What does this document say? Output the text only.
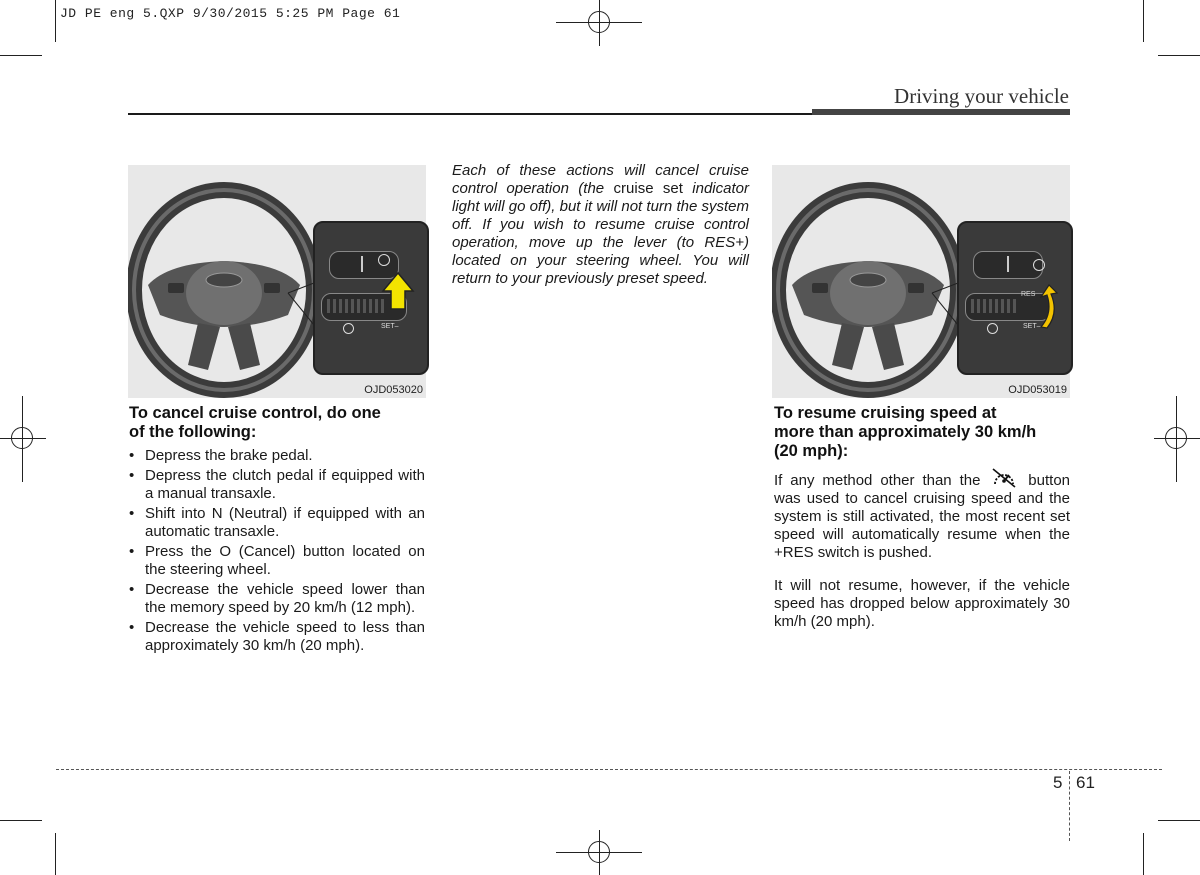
JD PE eng 5.QXP 9/30/2015 5:25 PM Page 61
Driving your vehicle
SET–
OJD053020
RES
SET–
OJD053019
To cancel cruise control, do one
of the following:
• Depress the brake pedal.
• Depress the clutch pedal if equipped with a manual transaxle.
• Shift into N (Neutral) if equipped with an automatic transaxle.
• Press the O (Cancel) button located on the steering wheel.
• Decrease the vehicle speed lower than the memory speed by 20 km/h (12 mph).
• Decrease the vehicle speed to less than approximately 30 km/h (20 mph).
Each of these actions will cancel cruise control operation (the cruise set indicator light will go off), but it will not turn the system off. If you wish to resume cruise control operation, move up the lever (to RES+) located on your steering wheel. You will return to your previously preset speed.
To resume cruising speed at
more than approximately 30 km/h
(20 mph):
If any method other than the	button was used to cancel cruising speed and the system is still activated, the most recent set speed will automatically resume when the +RES switch is pushed.
It will not resume, however, if the vehicle speed has dropped below approximately 30 km/h (20 mph).
5 61
